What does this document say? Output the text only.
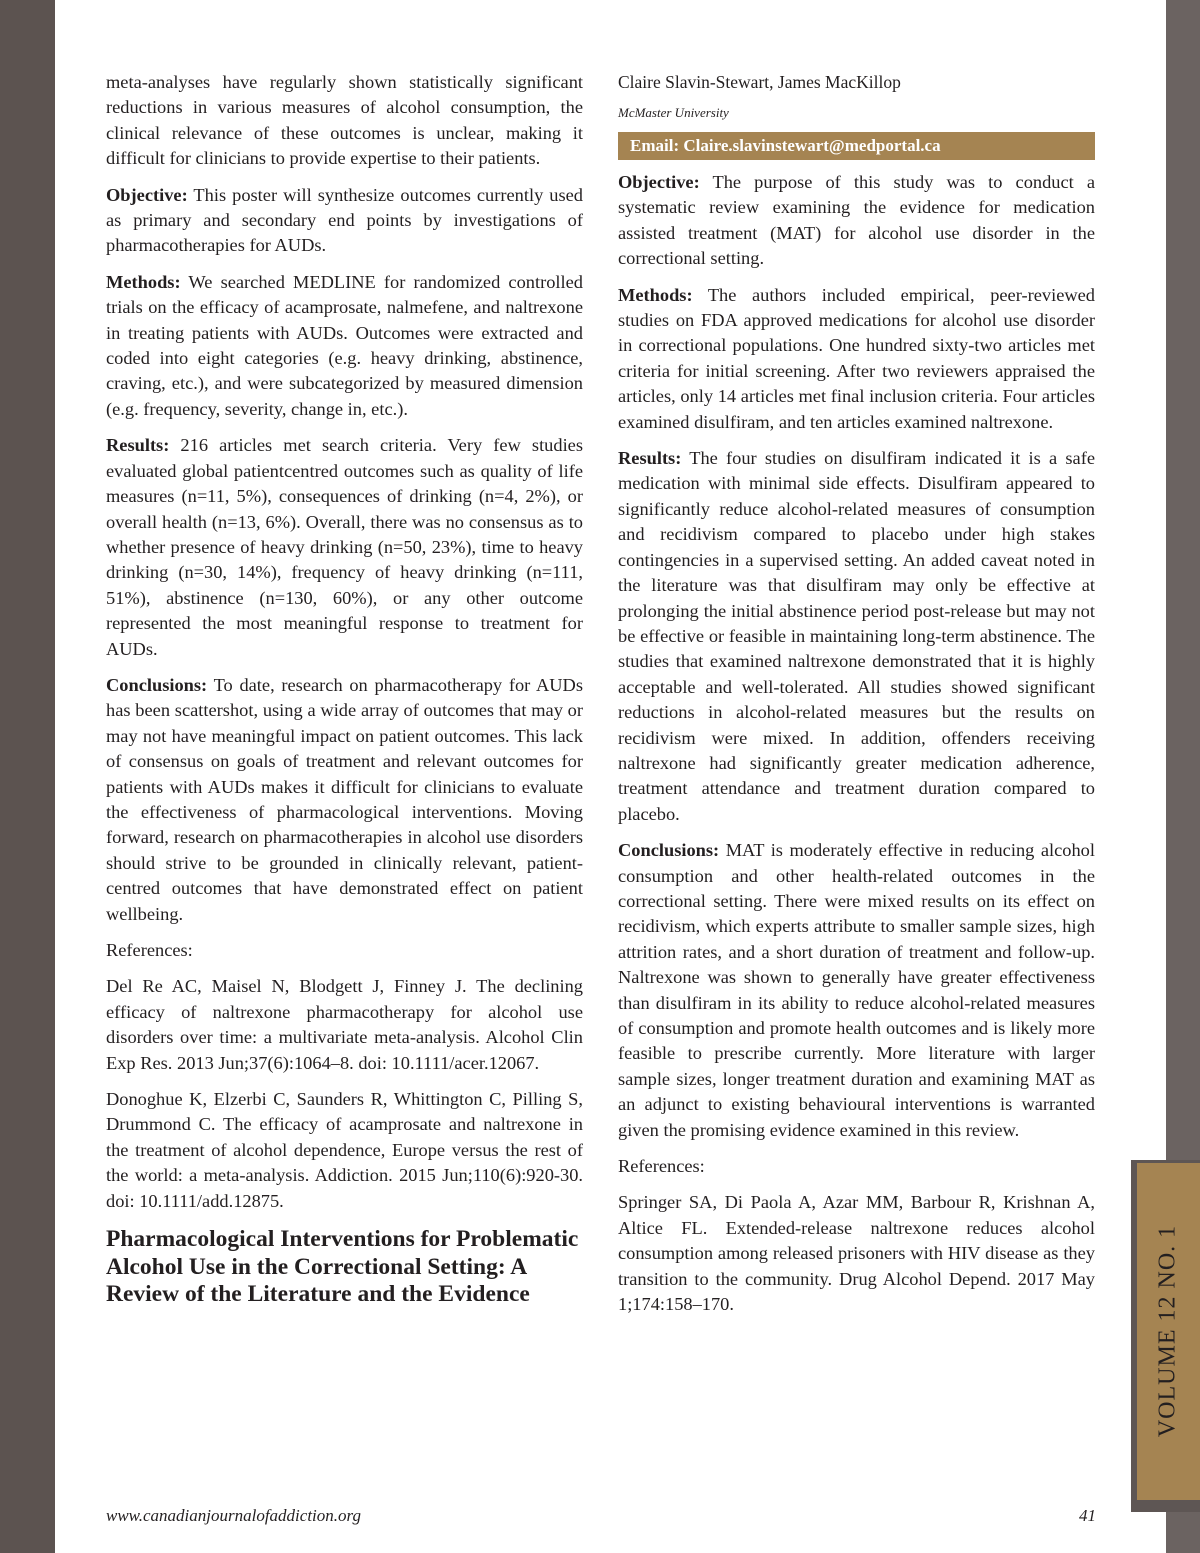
VOLUME 12 NO. 1

meta-analyses have regularly shown statistically significant reductions in various measures of alcohol consumption, the clinical relevance of these outcomes is unclear, making it difficult for clinicians to provide expertise to their patients.

Objective: This poster will synthesize outcomes currently used as primary and secondary end points by investigations of pharmacotherapies for AUDs.

Methods: We searched MEDLINE for randomized controlled trials on the efficacy of acamprosate, nalmefene, and naltrexone in treating patients with AUDs. Outcomes were extracted and coded into eight categories (e.g. heavy drinking, abstinence, craving, etc.), and were subcategorized by measured dimension (e.g. frequency, severity, change in, etc.).

Results: 216 articles met search criteria. Very few studies evaluated global patientcentred outcomes such as quality of life measures (n=11, 5%), consequences of drinking (n=4, 2%), or overall health (n=13, 6%). Overall, there was no consensus as to whether presence of heavy drinking (n=50, 23%), time to heavy drinking (n=30, 14%), frequency of heavy drinking (n=111, 51%), abstinence (n=130, 60%), or any other outcome represented the most meaningful response to treatment for AUDs.

Conclusions: To date, research on pharmacotherapy for AUDs has been scattershot, using a wide array of outcomes that may or may not have meaningful impact on patient outcomes. This lack of consensus on goals of treatment and relevant outcomes for patients with AUDs makes it difficult for clinicians to evaluate the effectiveness of pharmacological interventions. Moving forward, research on pharmacotherapies in alcohol use disorders should strive to be grounded in clinically relevant, patient-centred outcomes that have demonstrated effect on patient wellbeing.

References:

Del Re AC, Maisel N, Blodgett J, Finney J. The declining efficacy of naltrexone pharmacotherapy for alcohol use disorders over time: a multivariate meta-analysis. Alcohol Clin Exp Res. 2013 Jun;37(6):1064–8. doi: 10.1111/acer.12067.

Donoghue K, Elzerbi C, Saunders R, Whittington C, Pilling S, Drummond C. The efficacy of acamprosate and naltrexone in the treatment of alcohol dependence, Europe versus the rest of the world: a meta-analysis. Addiction. 2015 Jun;110(6):920-30. doi: 10.1111/add.12875.

Pharmacological Interventions for Problematic Alcohol Use in the Correctional Setting: A Review of the Literature and the Evidence

Claire Slavin-Stewart, James MacKillop

McMaster University

Email: Claire.slavinstewart@medportal.ca

Objective: The purpose of this study was to conduct a systematic review examining the evidence for medication assisted treatment (MAT) for alcohol use disorder in the correctional setting.

Methods: The authors included empirical, peer-reviewed studies on FDA approved medications for alcohol use disorder in correctional populations. One hundred sixty-two articles met criteria for initial screening. After two reviewers appraised the articles, only 14 articles met final inclusion criteria. Four articles examined disulfiram, and ten articles examined naltrexone.

Results: The four studies on disulfiram indicated it is a safe medication with minimal side effects. Disulfiram appeared to significantly reduce alcohol-related measures of consumption and recidivism compared to placebo under high stakes contingencies in a supervised setting. An added caveat noted in the literature was that disulfiram may only be effective at prolonging the initial abstinence period post-release but may not be effective or feasible in maintaining long-term abstinence. The studies that examined naltrexone demonstrated that it is highly acceptable and well-tolerated. All studies showed significant reductions in alcohol-related measures but the results on recidivism were mixed. In addition, offenders receiving naltrexone had significantly greater medication adherence, treatment attendance and treatment duration compared to placebo.

Conclusions: MAT is moderately effective in reducing alcohol consumption and other health-related outcomes in the correctional setting. There were mixed results on its effect on recidivism, which experts attribute to smaller sample sizes, high attrition rates, and a short duration of treatment and follow-up. Naltrexone was shown to generally have greater effectiveness than disulfiram in its ability to reduce alcohol-related measures of consumption and promote health outcomes and is likely more feasible to prescribe currently. More literature with larger sample sizes, longer treatment duration and examining MAT as an adjunct to existing behavioural interventions is warranted given the promising evidence examined in this review.

References:

Springer SA, Di Paola A, Azar MM, Barbour R, Krishnan A, Altice FL. Extended-release naltrexone reduces alcohol consumption among released prisoners with HIV disease as they transition to the community. Drug Alcohol Depend. 2017 May 1;174:158–170.

www.canadianjournalofaddiction.org	41
